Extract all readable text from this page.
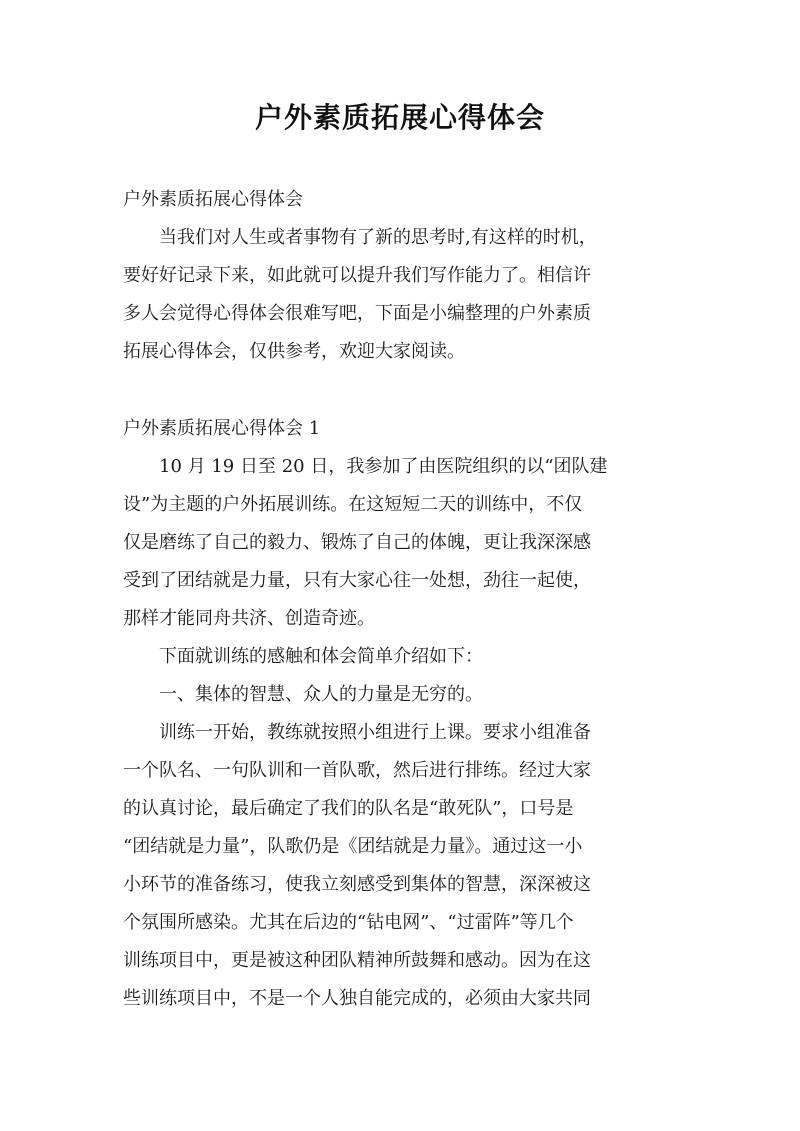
户外素质拓展心得体会
户外素质拓展心得体会
当我们对人生或者事物有了新的思考时,有这样的时机，
要好好记录下来，如此就可以提升我们写作能力了。相信许
多人会觉得心得体会很难写吧，下面是小编整理的户外素质
拓展心得体会，仅供参考，欢迎大家阅读。
户外素质拓展心得体会 1
10 月 19 日至 20 日，我参加了由医院组织的以“团队建
设”为主题的户外拓展训练。在这短短二天的训练中，不仅
仅是磨练了自己的毅力、锻炼了自己的体魄，更让我深深感
受到了团结就是力量，只有大家心往一处想，劲往一起使，
那样才能同舟共济、创造奇迹。
下面就训练的感触和体会简单介绍如下：
一、集体的智慧、众人的力量是无穷的。
训练一开始，教练就按照小组进行上课。要求小组准备
一个队名、一句队训和一首队歌，然后进行排练。经过大家
的认真讨论，最后确定了我们的队名是“敢死队”，口号是
“团结就是力量”，队歌仍是《团结就是力量》。通过这一小
小环节的准备练习，使我立刻感受到集体的智慧，深深被这
个氛围所感染。尤其在后边的“钻电网”、“过雷阵”等几个
训练项目中，更是被这种团队精神所鼓舞和感动。因为在这
些训练项目中，不是一个人独自能完成的，必须由大家共同
